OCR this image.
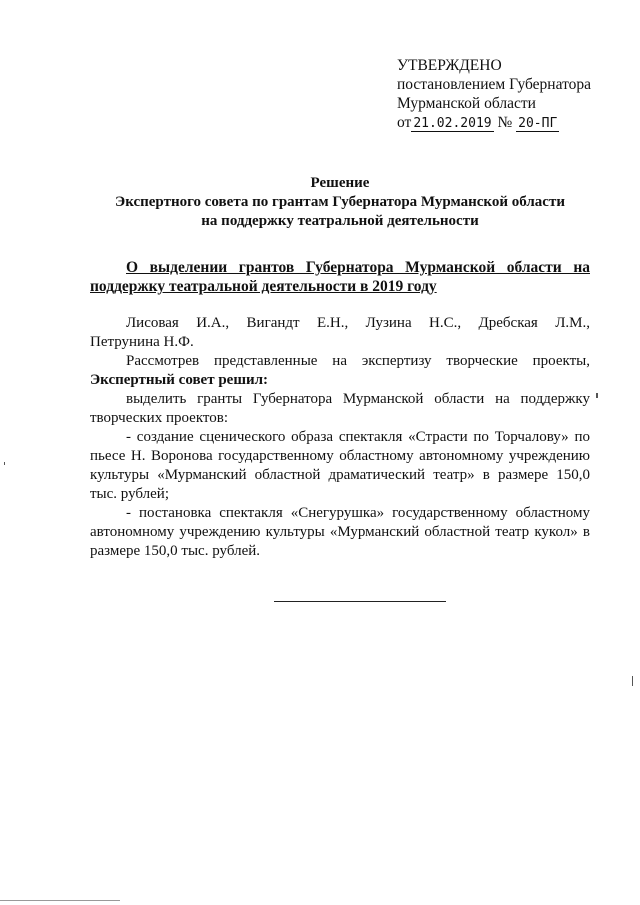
УТВЕРЖДЕНО
постановлением Губернатора
Мурманской области
от 21.02.2019 № 20-ПГ
Решение
Экспертного совета по грантам Губернатора Мурманской области
на поддержку театральной деятельности
О выделении грантов Губернатора Мурманской области на
поддержку театральной деятельности в 2019 году

Лисовая И.А., Вигандт Е.Н., Лузина Н.С., Дребская Л.М.,

Петрунина Н.Ф.

Рассмотрев представленные на экспертизу творческие проекты,

Экспертный совет решил:

выделить гранты Губернатора Мурманской области на поддержку творческих проектов:

- создание сценического образа спектакля «Страсти по Торчалову» по пьесе Н. Воронова государственному областному автономному учреждению культуры «Мурманский областной драматический театр» в размере 150,0 тыс. рублей;

- постановка спектакля «Снегурушка» государственному областному автономному учреждению культуры «Мурманский областной театр кукол» в размере 150,0 тыс. рублей.
